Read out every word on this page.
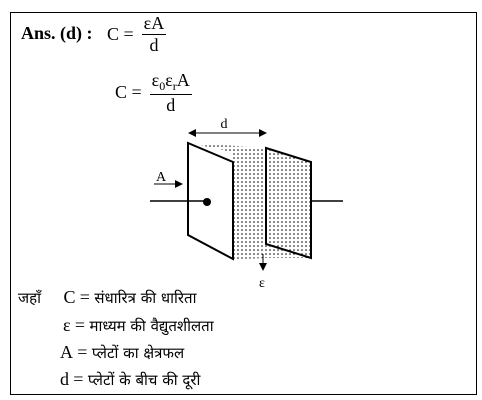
Ans. (d) : $C = \frac{\varepsilon A}{d}$
$C = \frac{\varepsilon_0\varepsilon_rA}{d}$
d
A
ε
जहाँ C = संधारित्र की धारिता
ε = माध्यम की वैद्युतशीलता
A = प्लेटों का क्षेत्रफल
d = प्लेटों के बीच की दूरी
